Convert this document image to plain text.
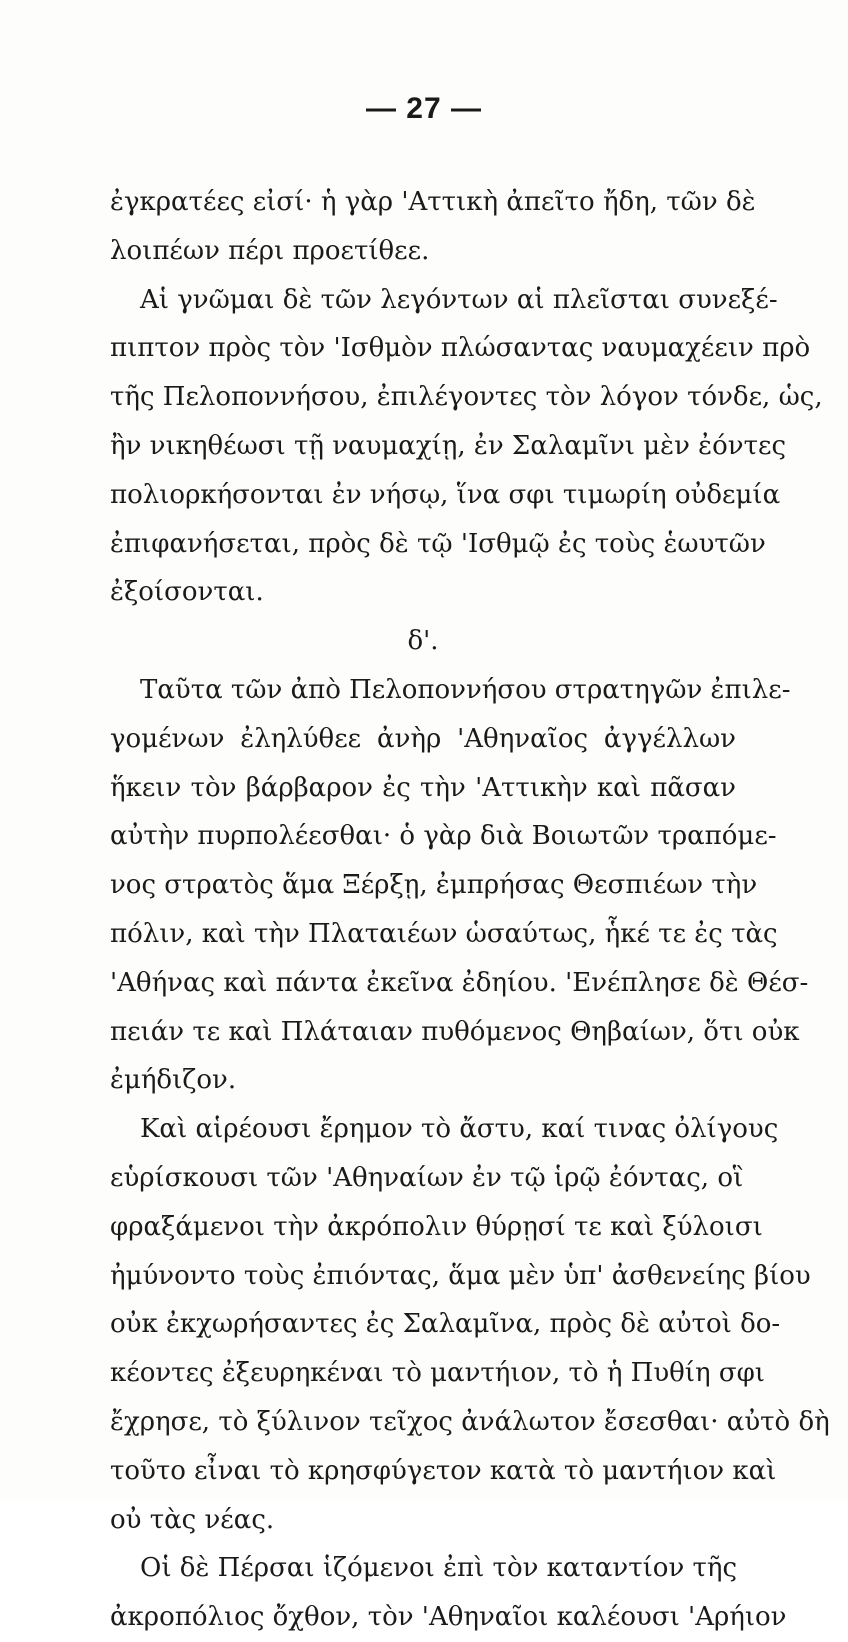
— 27 —
ἐγκρατέες εἰσί· ἡ γὰρ 'Αττικὴ ἀπεῖτο ἤδη, τῶν δὲ
λοιπέων πέρι προετίθεε.
Αἱ γνῶμαι δὲ τῶν λεγόντων αἱ πλεῖσται συνεξέ-
πιπτον πρὸς τὸν 'Ισθμὸν πλώσαντας ναυμαχέειν πρὸ
τῆς Πελοποννήσου, ἐπιλέγοντες τὸν λόγον τόνδε, ὡς,
ἢν νικηθέωσι τῇ ναυμαχίῃ, ἐν Σαλαμῖνι μὲν ἐόντες
πολιορκήσονται ἐν νήσῳ, ἵνα σφι τιμωρίη οὐδεμία
ἐπιφανήσεται, πρὸς δὲ τῷ 'Ισθμῷ ἐς τοὺς ἑωυτῶν
ἐξοίσονται.
δ'.
Ταῦτα τῶν ἀπὸ Πελοποννήσου στρατηγῶν ἐπιλε-
γομένων ἐληλύθεε ἀνὴρ 'Αθηναῖος ἀγγέλλων
ἥκειν τὸν βάρβαρον ἐς τὴν 'Αττικὴν καὶ πᾶσαν
αὐτὴν πυρπολέεσθαι· ὁ γὰρ διὰ Βοιωτῶν τραπόμε-
νος στρατὸς ἅμα Ξέρξῃ, ἐμπρήσας Θεσπιέων τὴν
πόλιν, καὶ τὴν Πλαταιέων ὡσαύτως, ἧκέ τε ἐς τὰς
'Αθήνας καὶ πάντα ἐκεῖνα ἐδηίου. 'Ενέπλησε δὲ Θέσ-
πειάν τε καὶ Πλάταιαν πυθόμενος Θηβαίων, ὅτι οὐκ
ἐμήδιζον.
Καὶ αἱρέουσι ἔρημον τὸ ἄστυ, καί τινας ὀλίγους
εὑρίσκουσι τῶν 'Αθηναίων ἐν τῷ ἱρῷ ἐόντας, οἳ
φραξάμενοι τὴν ἀκρόπολιν θύρῃσί τε καὶ ξύλοισι
ἠμύνοντο τοὺς ἐπιόντας, ἅμα μὲν ὑπ' ἀσθενείης βίου
οὐκ ἐκχωρήσαντες ἐς Σαλαμῖνα, πρὸς δὲ αὐτοὶ δο-
κέοντες ἐξευρηκέναι τὸ μαντήιον, τὸ ἡ Πυθίη σφι
ἔχρησε, τὸ ξύλινον τεῖχος ἀνάλωτον ἔσεσθαι· αὐτὸ δὴ
τοῦτο εἶναι τὸ κρησφύγετον κατὰ τὸ μαντήιον καὶ
οὐ τὰς νέας.
Οἱ δὲ Πέρσαι ἱζόμενοι ἐπὶ τὸν καταντίον τῆς
ἀκροπόλιος ὄχθον, τὸν 'Αθηναῖοι καλέουσι 'Αρήιον
